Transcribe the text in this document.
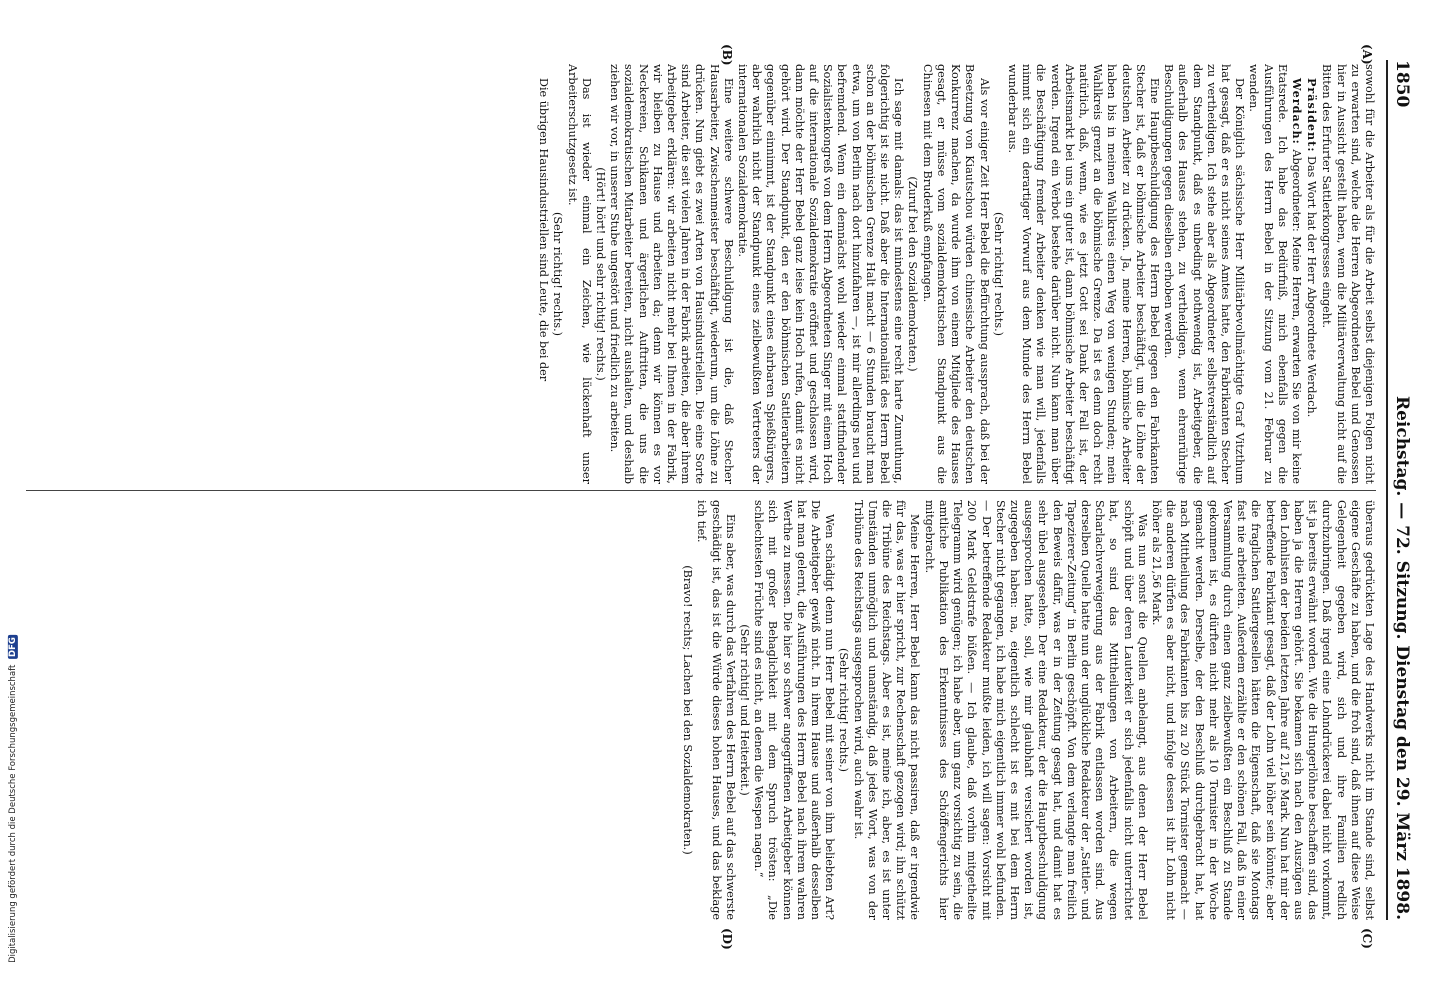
1850
Reichstag. — 72. Sitzung. Dienstag den 29. März 1898.
(A)
(B)
(C)
(D)

sowohl für die Arbeiter als für die Arbeit selbst diejenigen Folgen nicht zu erwarten sind, welche die Herren Abgeordneten Bebel und Genossen hier in Aussicht gestellt haben, wenn die Militärverwaltung nicht auf die Bitten des Erfurter Sattlerkongresses eingeht.

Präsident: Das Wort hat der Herr Abgeordnete Werdach.

Werdach: Abgeordneter: Meine Herren, erwarten Sie von mir keine Etatsrede. Ich habe das Bedürfniß, mich ebenfalls gegen die Ausführungen des Herrn Bebel in der Sitzung vom 21. Februar zu wenden.

Der Königlich sächsische Herr Militärbevollmächtigte Graf Vitzthum hat gesagt, daß er es nicht seines Amtes hatte, den Fabrikanten Stecher zu vertheidigen. Ich stehe aber als Abgeordneter selbstverständlich auf dem Standpunkt, daß es unbedingt nothwendig ist, Arbeitgeber, die außerhalb des Hauses stehen, zu vertheidigen, wenn ehrenrührige Beschuldigungen gegen dieselben erhoben werden.

Eine Hauptbeschuldigung des Herrn Bebel gegen den Fabrikanten Stecher ist, daß er böhmische Arbeiter beschäftigt, um die Löhne der deutschen Arbeiter zu drücken. Ja, meine Herren, böhmische Arbeiter haben bis in meinen Wahlkreis einen Weg von wenigen Stunden; mein Wahlkreis grenzt an die böhmische Grenze. Da ist es denn doch recht natürlich, daß, wenn, wie es jetzt Gott sei Dank der Fall ist, der Arbeitsmarkt bei uns ein guter ist, dann böhmische Arbeiter beschäftigt werden. Irgend ein Verbot bestehe darüber nicht. Nun kann man über die Beschäftigung fremder Arbeiter denken wie man will, jedenfalls nimmt sich ein derartiger Vorwurf aus dem Munde des Herrn Bebel wunderbar aus.

(Sehr richtig! rechts.)

Als vor einiger Zeit Herr Bebel die Befürchtung aussprach, daß bei der Besetzung von Kiautschou würden chinesische Arbeiter den deutschen Konkurrenz machen, da wurde ihm von einem Mitgliede des Hauses gesagt, er müsse vom sozialdemokratischen Standpunkt aus die Chinesen mit dem Bruderkuß empfangen.

(Zuruf bei den Sozialdemokraten.)

Ich sage mit damals: das ist mindestens eine recht harte Zumuthung, folgerichtig ist sie nicht. Daß aber die Internationalität des Herrn Bebel schon an der böhmischen Grenze Halt macht — 6 Stunden braucht man etwa, um von Berlin nach dort hinzufahren —, ist mir allerdings neu und befremdend. Wenn ein demnächst wohl wieder einmal stattfindender Sozialistenkongreß von dem Herrn Abgeordneten Singer mit einem Hoch auf die internationale Sozialdemokratie eröffnet und geschlossen wird, dann möchte der Herr Bebel ganz leise kein Hoch rufen, damit es nicht gehört wird. Der Standpunkt, den er den böhmischen Sattlerarbeitern gegenüber einnimmt, ist der Standpunkt eines ehrbaren Spießbürgers, aber wahrlich nicht der Standpunkt eines zielbewußten Vertreters der internationalen Sozialdemokratie.

Eine weitere schwere Beschuldigung ist die, daß Stecher Hausarbeiter, Zwischenmeister beschäftigt, wiederum, um die Löhne zu drücken. Nun giebt es zwei Arten von Hausindustriellen. Die eine Sorte sind Arbeiter, die seit vielen Jahren in der Fabrik arbeiten, die aber ihrem Arbeitgeber erklären: wir arbeiten nicht mehr bei Ihnen in der Fabrik, wir bleiben zu Hause und arbeiten da; denn wir können es vor Neckereien, Schikanen und ärgerlichen Auftritten, die uns die sozialdemokratischen Mitarbeiter bereiten, nicht aushalten, und deshalb ziehen wir vor, in unserer Stube ungestört und friedlich zu arbeiten.

(Hört! hört! und sehr richtig! rechts.)

Das ist wieder einmal ein Zeichen, wie lückenhaft unser Arbeiterschutzgesetz ist.

(Sehr richtig! rechts.)

Die übrigen Hausindustriellen sind Leute, die bei der

überaus gedrückten Lage des Handwerks nicht im Stande sind, selbst eigene Geschäfte zu haben, und die froh sind, daß ihnen auf diese Weise Gelegenheit gegeben wird, sich und ihre Familien redlich durchzubringen. Daß irgend eine Lohndrückerei dabei nicht vorkommt, ist ja bereits erwähnt worden. Wie die Hungerlöhne beschaffen sind, das haben ja die Herren gehört. Sie bekamen sich nach den Auszügen aus den Lohnlisten der beiden letzten Jahre auf 21,56 Mark. Nun hat mir der betreffende Fabrikant gesagt, daß der Lohn viel höher sein könnte; aber die fraglichen Sattlergesellen hätten die Eigenschaft, daß sie Montags fast nie arbeiteten. Außerdem erzählte er den schönen Fall, daß in einer Versammlung durch einen ganz zielbewußten ein Beschluß zu Stande gekommen ist, es dürften nicht mehr als 10 Tornister in der Woche gemacht werden. Derselbe, der den Beschluß durchgebracht hat, hat nach Mittheilung des Fabrikanten bis zu 20 Stück Tornister gemacht — die anderen dürfen es aber nicht, und infolge dessen ist ihr Lohn nicht höher als 21,56 Mark.

Was nun sonst die Quellen anbelangt, aus denen der Herr Bebel schöpft und über deren Lauterkeit er sich jedenfalls nicht unterrichtet hat, so sind das Mittheilungen von Arbeitern, die wegen Scharlachverweigerung aus der Fabrik entlassen worden sind. Aus derselben Quelle hatte nun der unglückliche Redakteur der „Sattler- und Tapezierer-Zeitung“ in Berlin geschöpft. Von dem verlangte man freilich den Beweis dafür, was er in der Zeitung gesagt hat, und damit hat es sehr übel ausgesehen. Der eine Redakteur, der die Hauptbeschuldigung ausgesprochen hatte, soll, wie mir glaubhaft versichert worden ist, zugegeben haben: na, eigentlich schlecht ist es mit bei dem Herrn Stecher nicht gegangen, ich habe mich eigentlich immer wohl befunden. — Der betreffende Redakteur mußte leiden, ich will sagen: Vorsicht mit 200 Mark Geldstrafe büßen. — Ich glaube, daß vorhin mitgetheilte Telegramm wird genügen; ich habe aber, um ganz vorsichtig zu sein, die amtliche Publikation des Erkenntnisses des Schöffengerichts hier mitgebracht.

Meine Herren, Herr Bebel kann das nicht passiren, daß er irgendwie für das, was er hier spricht, zur Rechenschaft gezogen wird; ihn schützt die Tribüne des Reichstags. Aber es ist, meine ich, aber, es ist unter Umständen unmöglich und unanständig, daß jedes Wort, was von der Tribüne des Reichstags ausgesprochen wird, auch wahr ist.

(Sehr richtig! rechts.)

Wen schädigt denn nun Herr Bebel mit seiner von ihm beliebten Art? Die Arbeitgeber gewiß nicht. In ihrem Hause und außerhalb desselben hat man gelernt, die Ausführungen des Herrn Bebel nach ihrem wahren Werthe zu messen. Die hier so schwer angegriffenen Arbeitgeber können sich mit großer Behaglichkeit mit dem Spruch trösten: „Die schlechtesten Früchte sind es nicht, an denen die Wespen nagen.“

(Sehr richtig! und Heiterkeit.)

Eins aber, was durch das Verfahren des Herrn Bebel auf das schwerste geschädigt ist, das ist die Würde dieses hohen Hauses, und das beklage ich tief.

(Bravo! rechts; Lachen bei den Sozialdemokraten.)

Digitalisierung gefördert durch die Deutsche Forschungsgemeinschaft DFG
